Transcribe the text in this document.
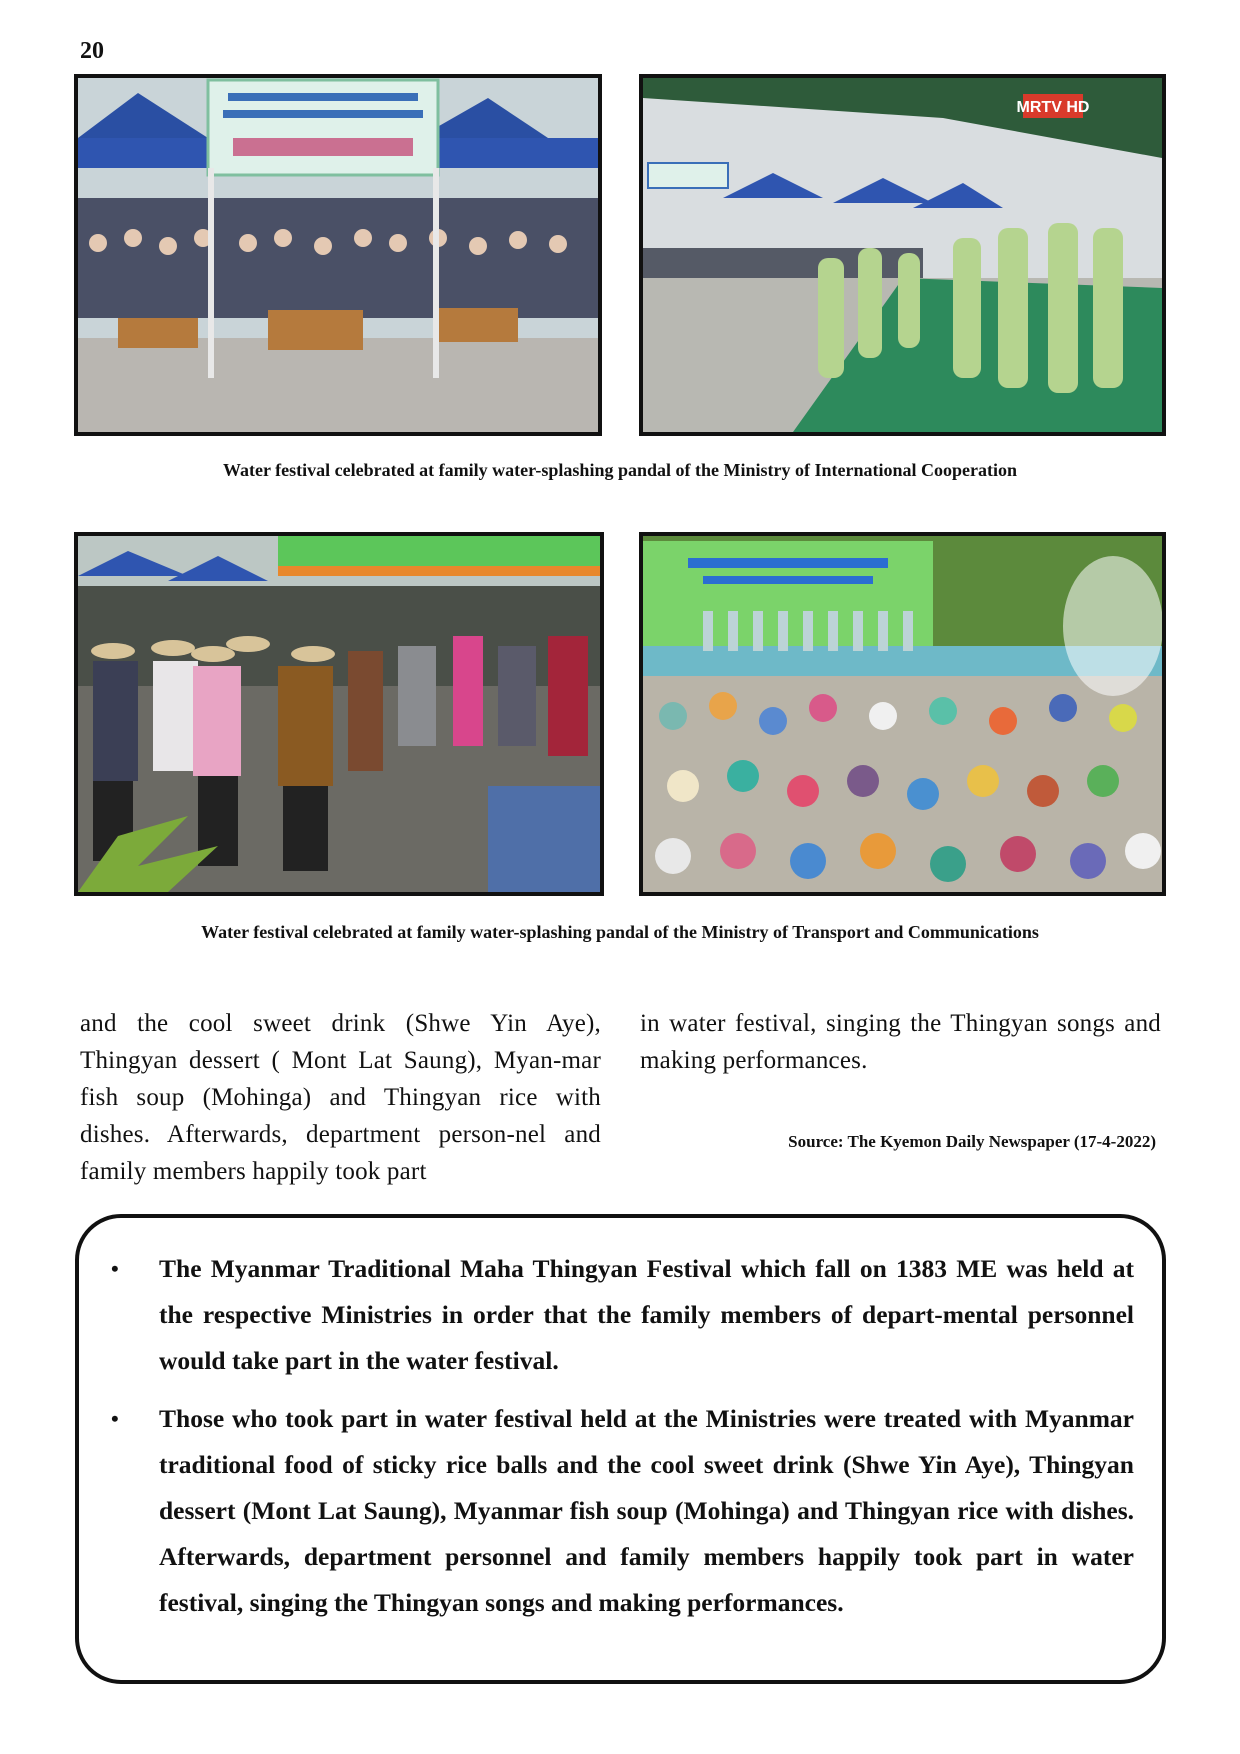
20
MRTV HD
Water festival celebrated at family water-splashing pandal of the Ministry of International Cooperation
Water festival celebrated at family water-splashing pandal of the Ministry of Transport and Communications
and the cool sweet drink (Shwe Yin Aye), Thingyan dessert ( Mont Lat Saung), Myan-mar fish soup (Mohinga) and Thingyan rice with dishes. Afterwards, department person-nel and family members happily took part
in water festival, singing the Thingyan songs and making performances.
Source: The Kyemon Daily Newspaper (17-4-2022)
• The Myanmar Traditional Maha Thingyan Festival which fall on 1383 ME was held at the respective Ministries in order that the family members of depart-mental personnel would take part in the water festival.
• Those who took part in water festival held at the Ministries were treated with Myanmar traditional food of sticky rice balls and the cool sweet drink (Shwe Yin Aye), Thingyan dessert (Mont Lat Saung), Myanmar fish soup (Mohinga) and Thingyan rice with dishes. Afterwards, department personnel and family members happily took part in water festival, singing the Thingyan songs and making performances.
